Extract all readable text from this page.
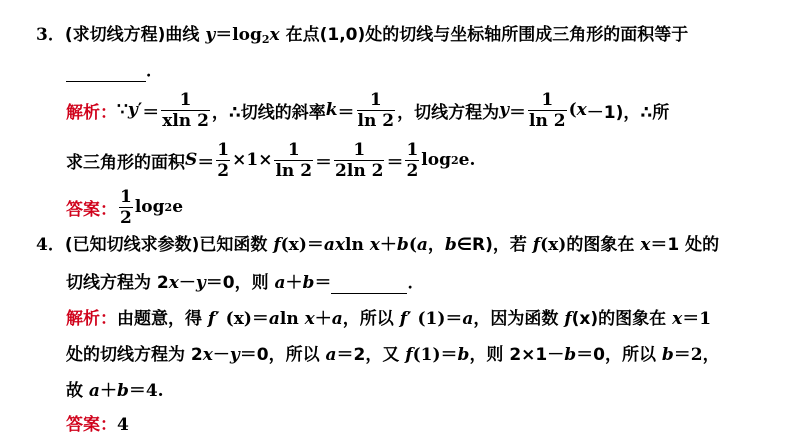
3．(求切线方程)曲线 $y=\log_2x$ 在点(1,0)处的切线与坐标轴所围成三角形的面积等于
．
解析： ∵ y ′ ＝ $\frac{1}{xln 2}$ ，∴切线的斜率 $k = \frac{1}{\ln 2}$ ，切线方程为 $y = \frac{1}{\ln 2}$ ( x －1)，∴所
求三角形的面积 $S = \frac{1}{2} \times 1\times \frac{1}{\ln 2} = \frac{1}{2\ln 2} = \frac{1}{2}$ log 2 e.
答案： $\frac{1}{2}$ log 2 e
4．(已知切线求参数)已知函数 f(x)＝axln x＋b(a，b∈R)，若 f(x)的图象在 x＝1 处的
切线方程为 2x－y＝0，则 a＋b＝	．
解析：由题意，得 f′ (x)＝aln x＋a，所以 f′ (1)＝a，因为函数 f(x)的图象在 x＝1
处的切线方程为 2x－y＝0，所以 a＝2，又 f(1)＝b，则 2×1－b＝0，所以 b＝2，
故 a＋b＝4.
答案：4
